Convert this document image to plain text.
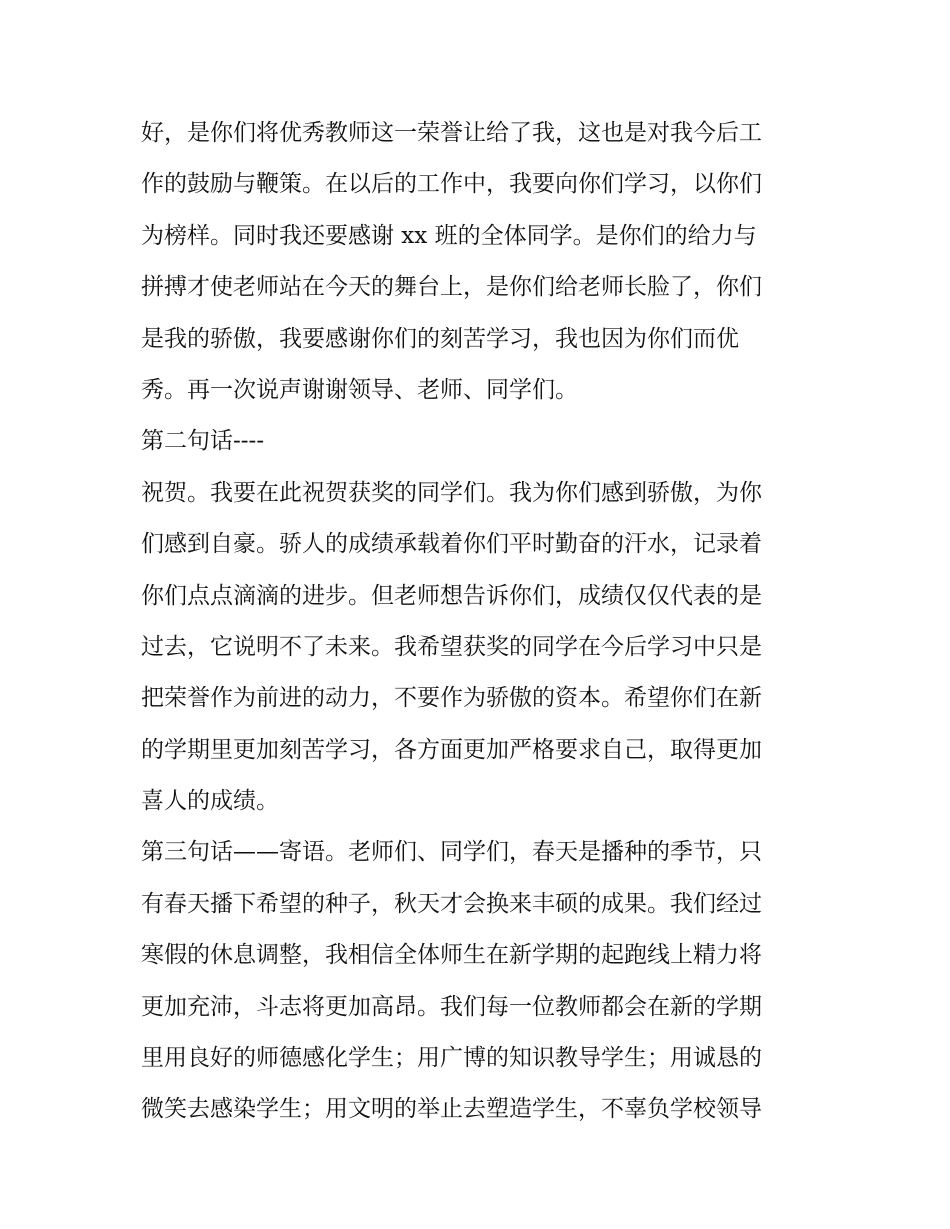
好，是你们将优秀教师这一荣誉让给了我，这也是对我今后工
作的鼓励与鞭策。在以后的工作中，我要向你们学习，以你们
为榜样。同时我还要感谢 xx 班的全体同学。是你们的给力与
拼搏才使老师站在今天的舞台上，是你们给老师长脸了，你们
是我的骄傲，我要感谢你们的刻苦学习，我也因为你们而优
秀。再一次说声谢谢领导、老师、同学们。
第二句话----
祝贺。我要在此祝贺获奖的同学们。我为你们感到骄傲，为你
们感到自豪。骄人的成绩承载着你们平时勤奋的汗水，记录着
你们点点滴滴的进步。但老师想告诉你们，成绩仅仅代表的是
过去，它说明不了未来。我希望获奖的同学在今后学习中只是
把荣誉作为前进的动力，不要作为骄傲的资本。希望你们在新
的学期里更加刻苦学习，各方面更加严格要求自己，取得更加
喜人的成绩。
第三句话——寄语。老师们、同学们，春天是播种的季节，只
有春天播下希望的种子，秋天才会换来丰硕的成果。我们经过
寒假的休息调整，我相信全体师生在新学期的起跑线上精力将
更加充沛，斗志将更加高昂。我们每一位教师都会在新的学期
里用良好的师德感化学生；用广博的知识教导学生；用诚恳的
微笑去感染学生；用文明的举止去塑造学生，不辜负学校领导
